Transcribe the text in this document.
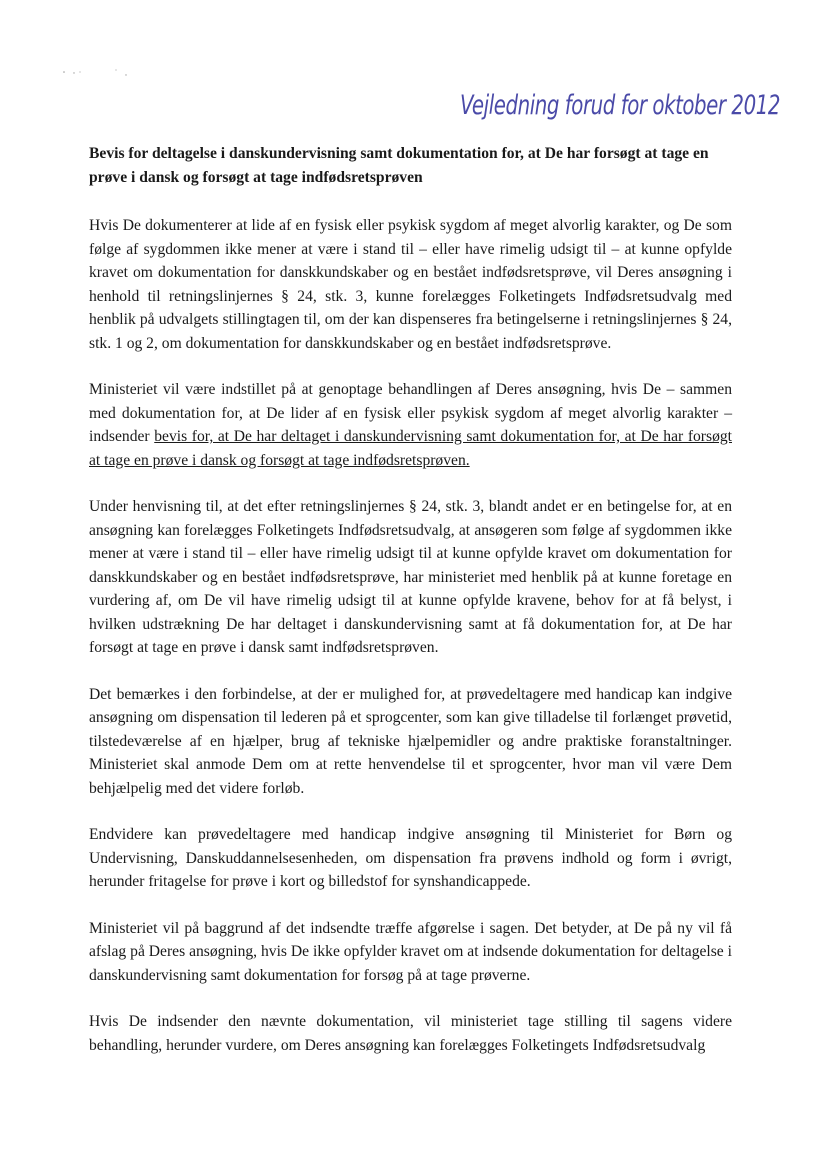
Vejledning forud for oktober 2012

Bevis for deltagelse i danskundervisning samt dokumentation for, at De har forsøgt at tage en prøve i dansk og forsøgt at tage indfødsretsprøven

Hvis De dokumenterer at lide af en fysisk eller psykisk sygdom af meget alvorlig karakter, og De som følge af sygdommen ikke mener at være i stand til – eller have rimelig udsigt til – at kunne opfylde kravet om dokumentation for danskkundskaber og en bestået indfødsretsprøve, vil Deres ansøgning i henhold til retningslinjernes § 24, stk. 3, kunne forelægges Folketingets Indfødsretsudvalg med henblik på udvalgets stillingtagen til, om der kan dispenseres fra betingelserne i retningslinjernes § 24, stk. 1 og 2, om dokumentation for danskkundskaber og en bestået indfødsretsprøve.

Ministeriet vil være indstillet på at genoptage behandlingen af Deres ansøgning, hvis De – sammen med dokumentation for, at De lider af en fysisk eller psykisk sygdom af meget alvorlig karakter – indsender bevis for, at De har deltaget i danskundervisning samt dokumentation for, at De har forsøgt at tage en prøve i dansk og forsøgt at tage indfødsretsprøven.

Under henvisning til, at det efter retningslinjernes § 24, stk. 3, blandt andet er en betingelse for, at en ansøgning kan forelægges Folketingets Indfødsretsudvalg, at ansøgeren som følge af sygdommen ikke mener at være i stand til – eller have rimelig udsigt til at kunne opfylde kravet om dokumentation for danskkundskaber og en bestået indfødsretsprøve, har ministeriet med henblik på at kunne foretage en vurdering af, om De vil have rimelig udsigt til at kunne opfylde kravene, behov for at få belyst, i hvilken udstrækning De har deltaget i danskundervisning samt at få dokumentation for, at De har forsøgt at tage en prøve i dansk samt indfødsretsprøven.

Det bemærkes i den forbindelse, at der er mulighed for, at prøvedeltagere med handicap kan indgive ansøgning om dispensation til lederen på et sprogcenter, som kan give tilladelse til forlænget prøvetid, tilstedeværelse af en hjælper, brug af tekniske hjælpemidler og andre praktiske foranstaltninger. Ministeriet skal anmode Dem om at rette henvendelse til et sprogcenter, hvor man vil være Dem behjælpelig med det videre forløb.

Endvidere kan prøvedeltagere med handicap indgive ansøgning til Ministeriet for Børn og Undervisning, Danskuddannelsesenheden, om dispensation fra prøvens indhold og form i øvrigt, herunder fritagelse for prøve i kort og billedstof for synshandicappede.

Ministeriet vil på baggrund af det indsendte træffe afgørelse i sagen. Det betyder, at De på ny vil få afslag på Deres ansøgning, hvis De ikke opfylder kravet om at indsende dokumentation for deltagelse i danskundervisning samt dokumentation for forsøg på at tage prøverne.

Hvis De indsender den nævnte dokumentation, vil ministeriet tage stilling til sagens videre behandling, herunder vurdere, om Deres ansøgning kan forelægges Folketingets Indfødsretsudvalg
